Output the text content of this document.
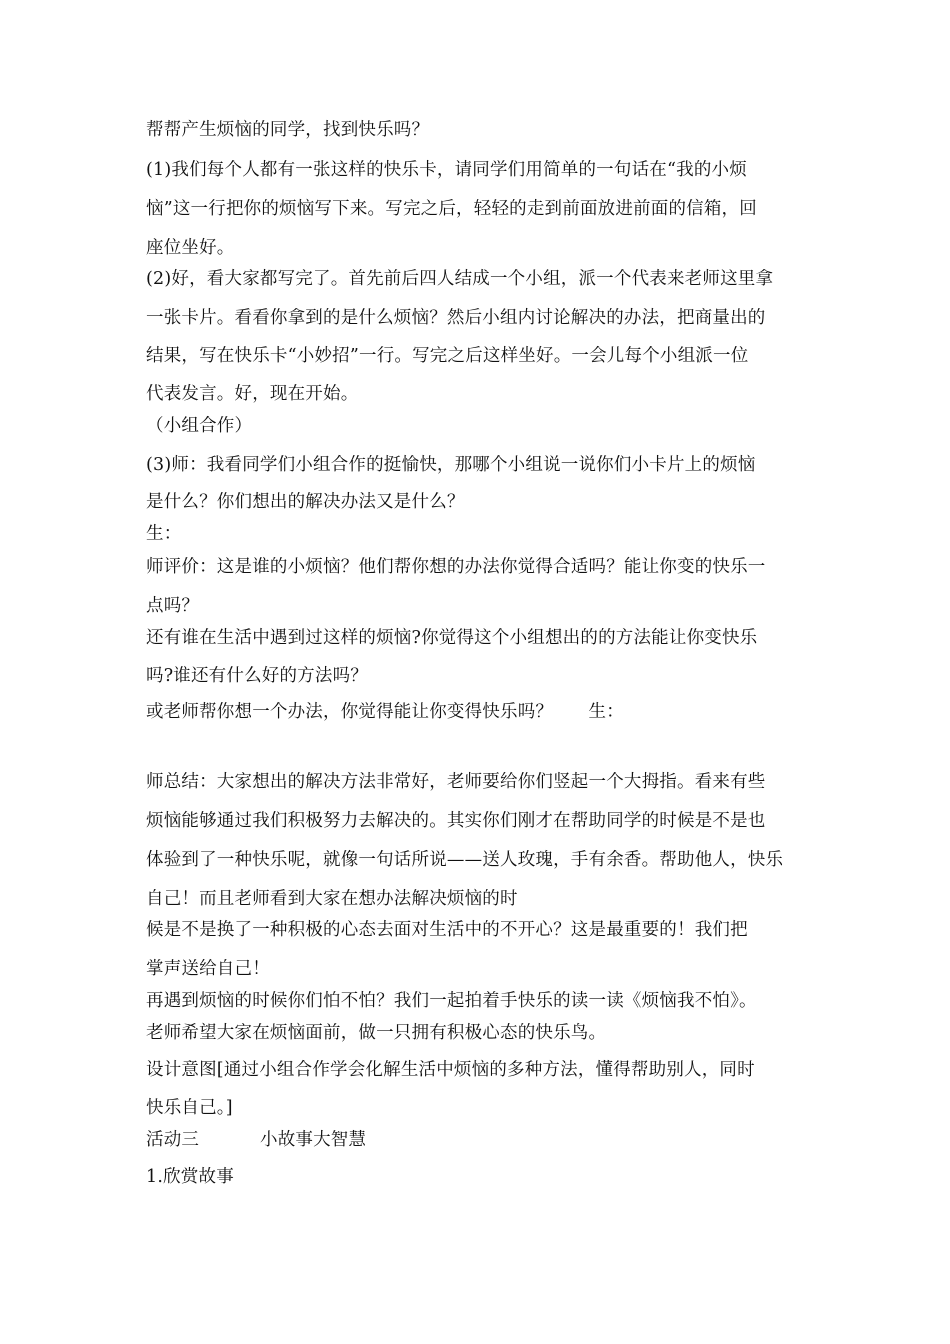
帮帮产生烦恼的同学，找到快乐吗？
(1)我们每个人都有一张这样的快乐卡，请同学们用简单的一句话在“我的小烦
恼”这一行把你的烦恼写下来。写完之后，轻轻的走到前面放进前面的信箱，回
座位坐好。
(2)好，看大家都写完了。首先前后四人结成一个小组，派一个代表来老师这里拿
一张卡片。看看你拿到的是什么烦恼？然后小组内讨论解决的办法，把商量出的
结果，写在快乐卡“小妙招”一行。写完之后这样坐好。一会儿每个小组派一位
代表发言。好，现在开始。
（小组合作）
(3)师：我看同学们小组合作的挺愉快，那哪个小组说一说你们小卡片上的烦恼
是什么？你们想出的解决办法又是什么？
生：
师评价：这是谁的小烦恼？他们帮你想的办法你觉得合适吗？能让你变的快乐一
点吗？
还有谁在生活中遇到过这样的烦恼?你觉得这个小组想出的的方法能让你变快乐
吗?谁还有什么好的方法吗？
或老师帮你想一个办法，你觉得能让你变得快乐吗？　　生：
师总结：大家想出的解决方法非常好，老师要给你们竖起一个大拇指。看来有些
烦恼能够通过我们积极努力去解决的。其实你们刚才在帮助同学的时候是不是也
体验到了一种快乐呢，就像一句话所说——送人玫瑰，手有余香。帮助他人，快乐
自己！而且老师看到大家在想办法解决烦恼的时
候是不是换了一种积极的心态去面对生活中的不开心？这是最重要的！我们把
掌声送给自己！
再遇到烦恼的时候你们怕不怕？我们一起拍着手快乐的读一读《烦恼我不怕》。
老师希望大家在烦恼面前，做一只拥有积极心态的快乐鸟。
设计意图[通过小组合作学会化解生活中烦恼的多种方法，懂得帮助别人，同时
快乐自己。]
活动三	小故事大智慧
1.欣赏故事
